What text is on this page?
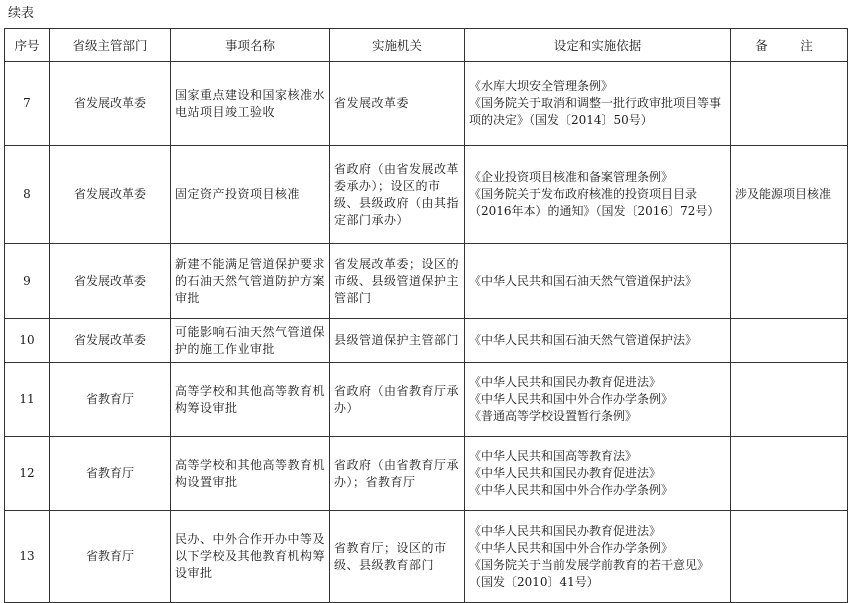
续表
序号	省级主管部门	事项名称	实施机关	设定和实施依据	备　注
7	省发展改革委	国家重点建设和国家核准水电站项目竣工验收	省发展改革委	《水库大坝安全管理条例》
《国务院关于取消和调整一批行政审批项目等事项的决定》（国发〔2014〕50号）	

8	省发展改革委	固定资产投资项目核准	省政府（由省发展改革委承办）；设区的市级、县级政府（由其指定部门承办）	《企业投资项目核准和备案管理条例》
《国务院关于发布政府核准的投资项目目录（2016年本）的通知》（国发〔2016〕72号）	涉及能源项目核准
9	省发展改革委	新建不能满足管道保护要求的石油天然气管道防护方案审批	省发展改革委；设区的市级、县级管道保护主管部门	《中华人民共和国石油天然气管道保护法》	

10	省发展改革委	可能影响石油天然气管道保护的施工作业审批	县级管道保护主管部门	《中华人民共和国石油天然气管道保护法》	

11	省教育厅	高等学校和其他高等教育机构筹设审批	省政府（由省教育厅承办）	《中华人民共和国民办教育促进法》
《中华人民共和国中外合作办学条例》
《普通高等学校设置暂行条例》	

12	省教育厅	高等学校和其他高等教育机构设置审批	省政府（由省教育厅承办）；省教育厅	《中华人民共和国高等教育法》
《中华人民共和国民办教育促进法》
《中华人民共和国中外合作办学条例》	

13	省教育厅	民办、中外合作开办中等及以下学校及其他教育机构筹设审批	省教育厅；设区的市级、县级教育部门	《中华人民共和国民办教育促进法》
《中华人民共和国中外合作办学条例》
《国务院关于当前发展学前教育的若干意见》
（国发〔2010〕41号）	
